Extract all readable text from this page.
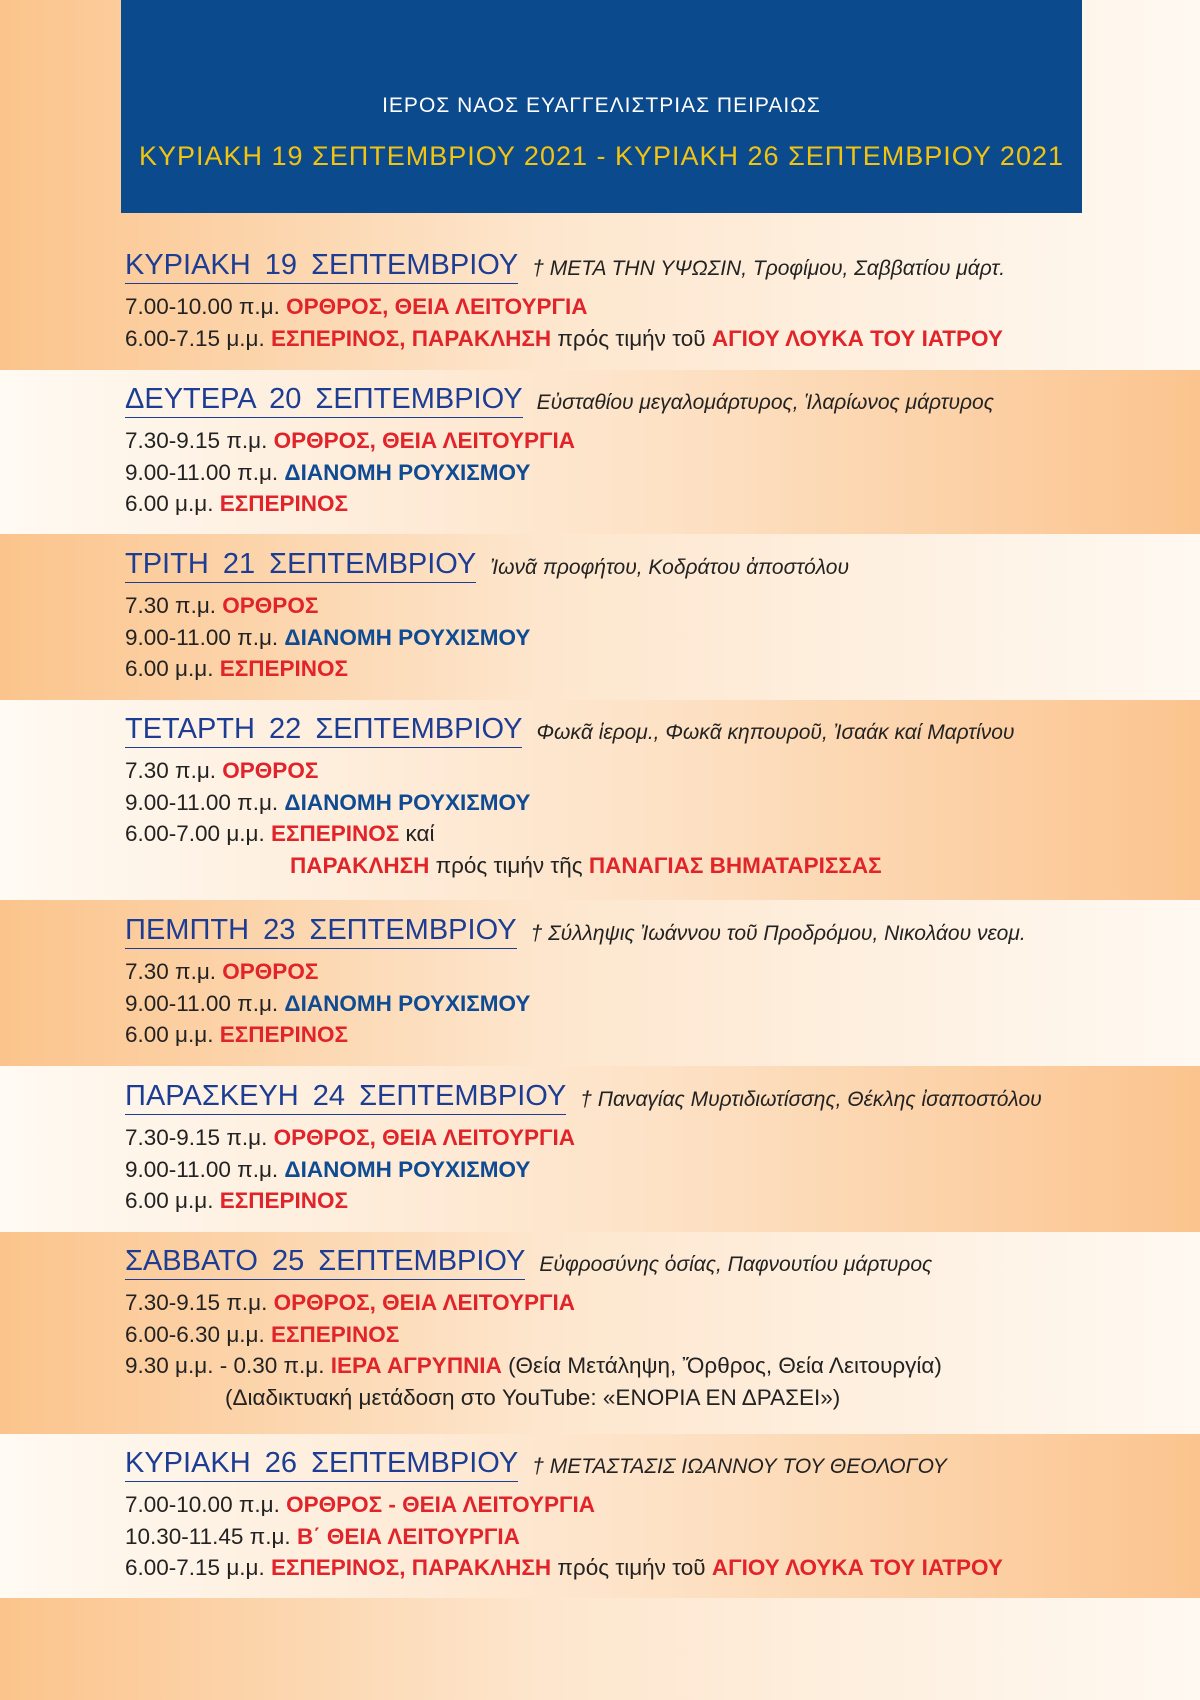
ΙΕΡΟΣ ΝΑΟΣ ΕΥΑΓΓΕΛΙΣΤΡΙΑΣ ΠΕΙΡΑΙΩΣ
ΚΥΡΙΑΚΗ 19 ΣΕΠΤΕΜΒΡΙΟΥ 2021 - ΚΥΡΙΑΚΗ 26 ΣΕΠΤΕΜΒΡΙΟΥ 2021
ΚΥΡΙΑΚΗ 19 ΣΕΠΤΕΜΒΡΙΟΥ † ΜΕΤΑ ΤΗΝ ΥΨΩΣΙΝ, Τροφίμου, Σαββατίου μάρτ.
7.00-10.00 π.μ. ΟΡΘΡΟΣ, ΘΕΙΑ ΛΕΙΤΟΥΡΓΙΑ
6.00-7.15 μ.μ. ΕΣΠΕΡΙΝΟΣ, ΠΑΡΑΚΛΗΣΗ πρός τιμήν τοῦ ΑΓΙΟΥ ΛΟΥΚΑ ΤΟΥ ΙΑΤΡΟΥ
ΔΕΥΤΕΡΑ 20 ΣΕΠΤΕΜΒΡΙΟΥ Εὐσταθίου μεγαλομάρτυρος, Ἱλαρίωνος μάρτυρος
7.30-9.15 π.μ. ΟΡΘΡΟΣ, ΘΕΙΑ ΛΕΙΤΟΥΡΓΙΑ
9.00-11.00 π.μ. ΔΙΑΝΟΜΗ ΡΟΥΧΙΣΜΟΥ
6.00 μ.μ. ΕΣΠΕΡΙΝΟΣ
ΤΡΙΤΗ 21 ΣΕΠΤΕΜΒΡΙΟΥ Ἰωνᾶ προφήτου, Κοδράτου ἀποστόλου
7.30 π.μ. ΟΡΘΡΟΣ
9.00-11.00 π.μ. ΔΙΑΝΟΜΗ ΡΟΥΧΙΣΜΟΥ
6.00 μ.μ. ΕΣΠΕΡΙΝΟΣ
ΤΕΤΑΡΤΗ 22 ΣΕΠΤΕΜΒΡΙΟΥ Φωκᾶ ἱερομ., Φωκᾶ κηπουροῦ, Ἰσαάκ καί Μαρτίνου
7.30 π.μ. ΟΡΘΡΟΣ
9.00-11.00 π.μ. ΔΙΑΝΟΜΗ ΡΟΥΧΙΣΜΟΥ
6.00-7.00 μ.μ. ΕΣΠΕΡΙΝΟΣ καί
ΠΑΡΑΚΛΗΣΗ πρός τιμήν τῆς ΠΑΝΑΓΙΑΣ ΒΗΜΑΤΑΡΙΣΣΑΣ
ΠΕΜΠΤΗ 23 ΣΕΠΤΕΜΒΡΙΟΥ † Σύλληψις Ἰωάννου τοῦ Προδρόμου, Νικολάου νεομ.
7.30 π.μ. ΟΡΘΡΟΣ
9.00-11.00 π.μ. ΔΙΑΝΟΜΗ ΡΟΥΧΙΣΜΟΥ
6.00 μ.μ. ΕΣΠΕΡΙΝΟΣ
ΠΑΡΑΣΚΕΥΗ 24 ΣΕΠΤΕΜΒΡΙΟΥ † Παναγίας Μυρτιδιωτίσσης, Θέκλης ἰσαποστόλου
7.30-9.15 π.μ. ΟΡΘΡΟΣ, ΘΕΙΑ ΛΕΙΤΟΥΡΓΙΑ
9.00-11.00 π.μ. ΔΙΑΝΟΜΗ ΡΟΥΧΙΣΜΟΥ
6.00 μ.μ. ΕΣΠΕΡΙΝΟΣ
ΣΑΒΒΑΤΟ 25 ΣΕΠΤΕΜΒΡΙΟΥ Εὐφροσύνης ὁσίας, Παφνουτίου μάρτυρος
7.30-9.15 π.μ. ΟΡΘΡΟΣ, ΘΕΙΑ ΛΕΙΤΟΥΡΓΙΑ
6.00-6.30 μ.μ. ΕΣΠΕΡΙΝΟΣ
9.30 μ.μ. - 0.30 π.μ. ΙΕΡΑ ΑΓΡΥΠΝΙΑ (Θεία Μετάληψη, Ὄρθρος, Θεία Λειτουργία)
(Διαδικτυακή μετάδοση στο YouTube: «ΕΝΟΡΙΑ ΕΝ ΔΡΑΣΕΙ»)
ΚΥΡΙΑΚΗ 26 ΣΕΠΤΕΜΒΡΙΟΥ † ΜΕΤΑΣΤΑΣΙΣ ΙΩΑΝΝΟΥ ΤΟΥ ΘΕΟΛΟΓΟΥ
7.00-10.00 π.μ. ΟΡΘΡΟΣ - ΘΕΙΑ ΛΕΙΤΟΥΡΓΙΑ
10.30-11.45 π.μ. Β΄ ΘΕΙΑ ΛΕΙΤΟΥΡΓΙΑ
6.00-7.15 μ.μ. ΕΣΠΕΡΙΝΟΣ, ΠΑΡΑΚΛΗΣΗ πρός τιμήν τοῦ ΑΓΙΟΥ ΛΟΥΚΑ ΤΟΥ ΙΑΤΡΟΥ
